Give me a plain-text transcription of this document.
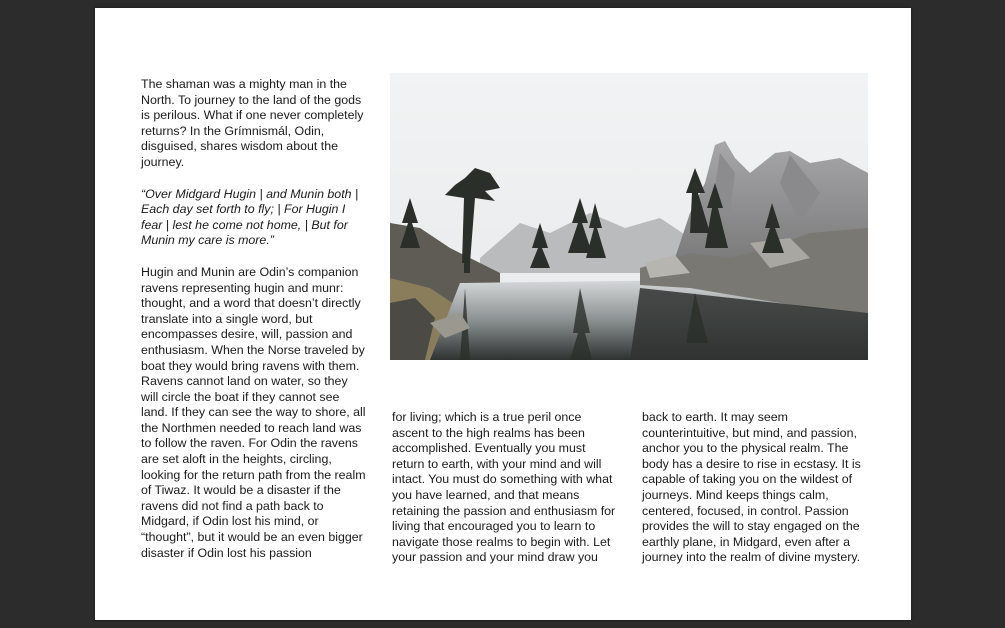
The shaman was a mighty man in the North. To journey to the land of the gods is perilous. What if one never completely returns? In the Grímnismál, Odin, disguised, shares wisdom about the journey.

“Over Midgard Hugin | and Munin both | Each day set forth to fly; | For Hugin I fear | lest he come not home, | But for Munin my care is more.”

Hugin and Munin are Odin’s companion ravens representing hugin and munr: thought, and a word that doesn’t directly translate into a single word, but encompasses desire, will, passion and enthusiasm. When the Norse traveled by boat they would bring ravens with them. Ravens cannot land on water, so they will circle the boat if they cannot see land. If they can see the way to shore, all the Northmen needed to reach land was to follow the raven. For Odin the ravens are set aloft in the heights, circling, looking for the return path from the realm of Tiwaz. It would be a disaster if the ravens did not find a path back to Midgard, if Odin lost his mind, or “thought”, but it would be an even bigger disaster if Odin lost his passion

for living; which is a true peril once ascent to the high realms has been accomplished. Eventually you must return to earth, with your mind and will intact. You must do something with what you have learned, and that means retaining the passion and enthusiasm for living that encouraged you to learn to navigate those realms to begin with. Let your passion and your mind draw you

back to earth. It may seem counterintuitive, but mind, and passion, anchor you to the physical realm. The body has a desire to rise in ecstasy. It is capable of taking you on the wildest of journeys. Mind keeps things calm, centered, focused, in control. Passion provides the will to stay engaged on the earthly plane, in Midgard, even after a journey into the realm of divine mystery.
